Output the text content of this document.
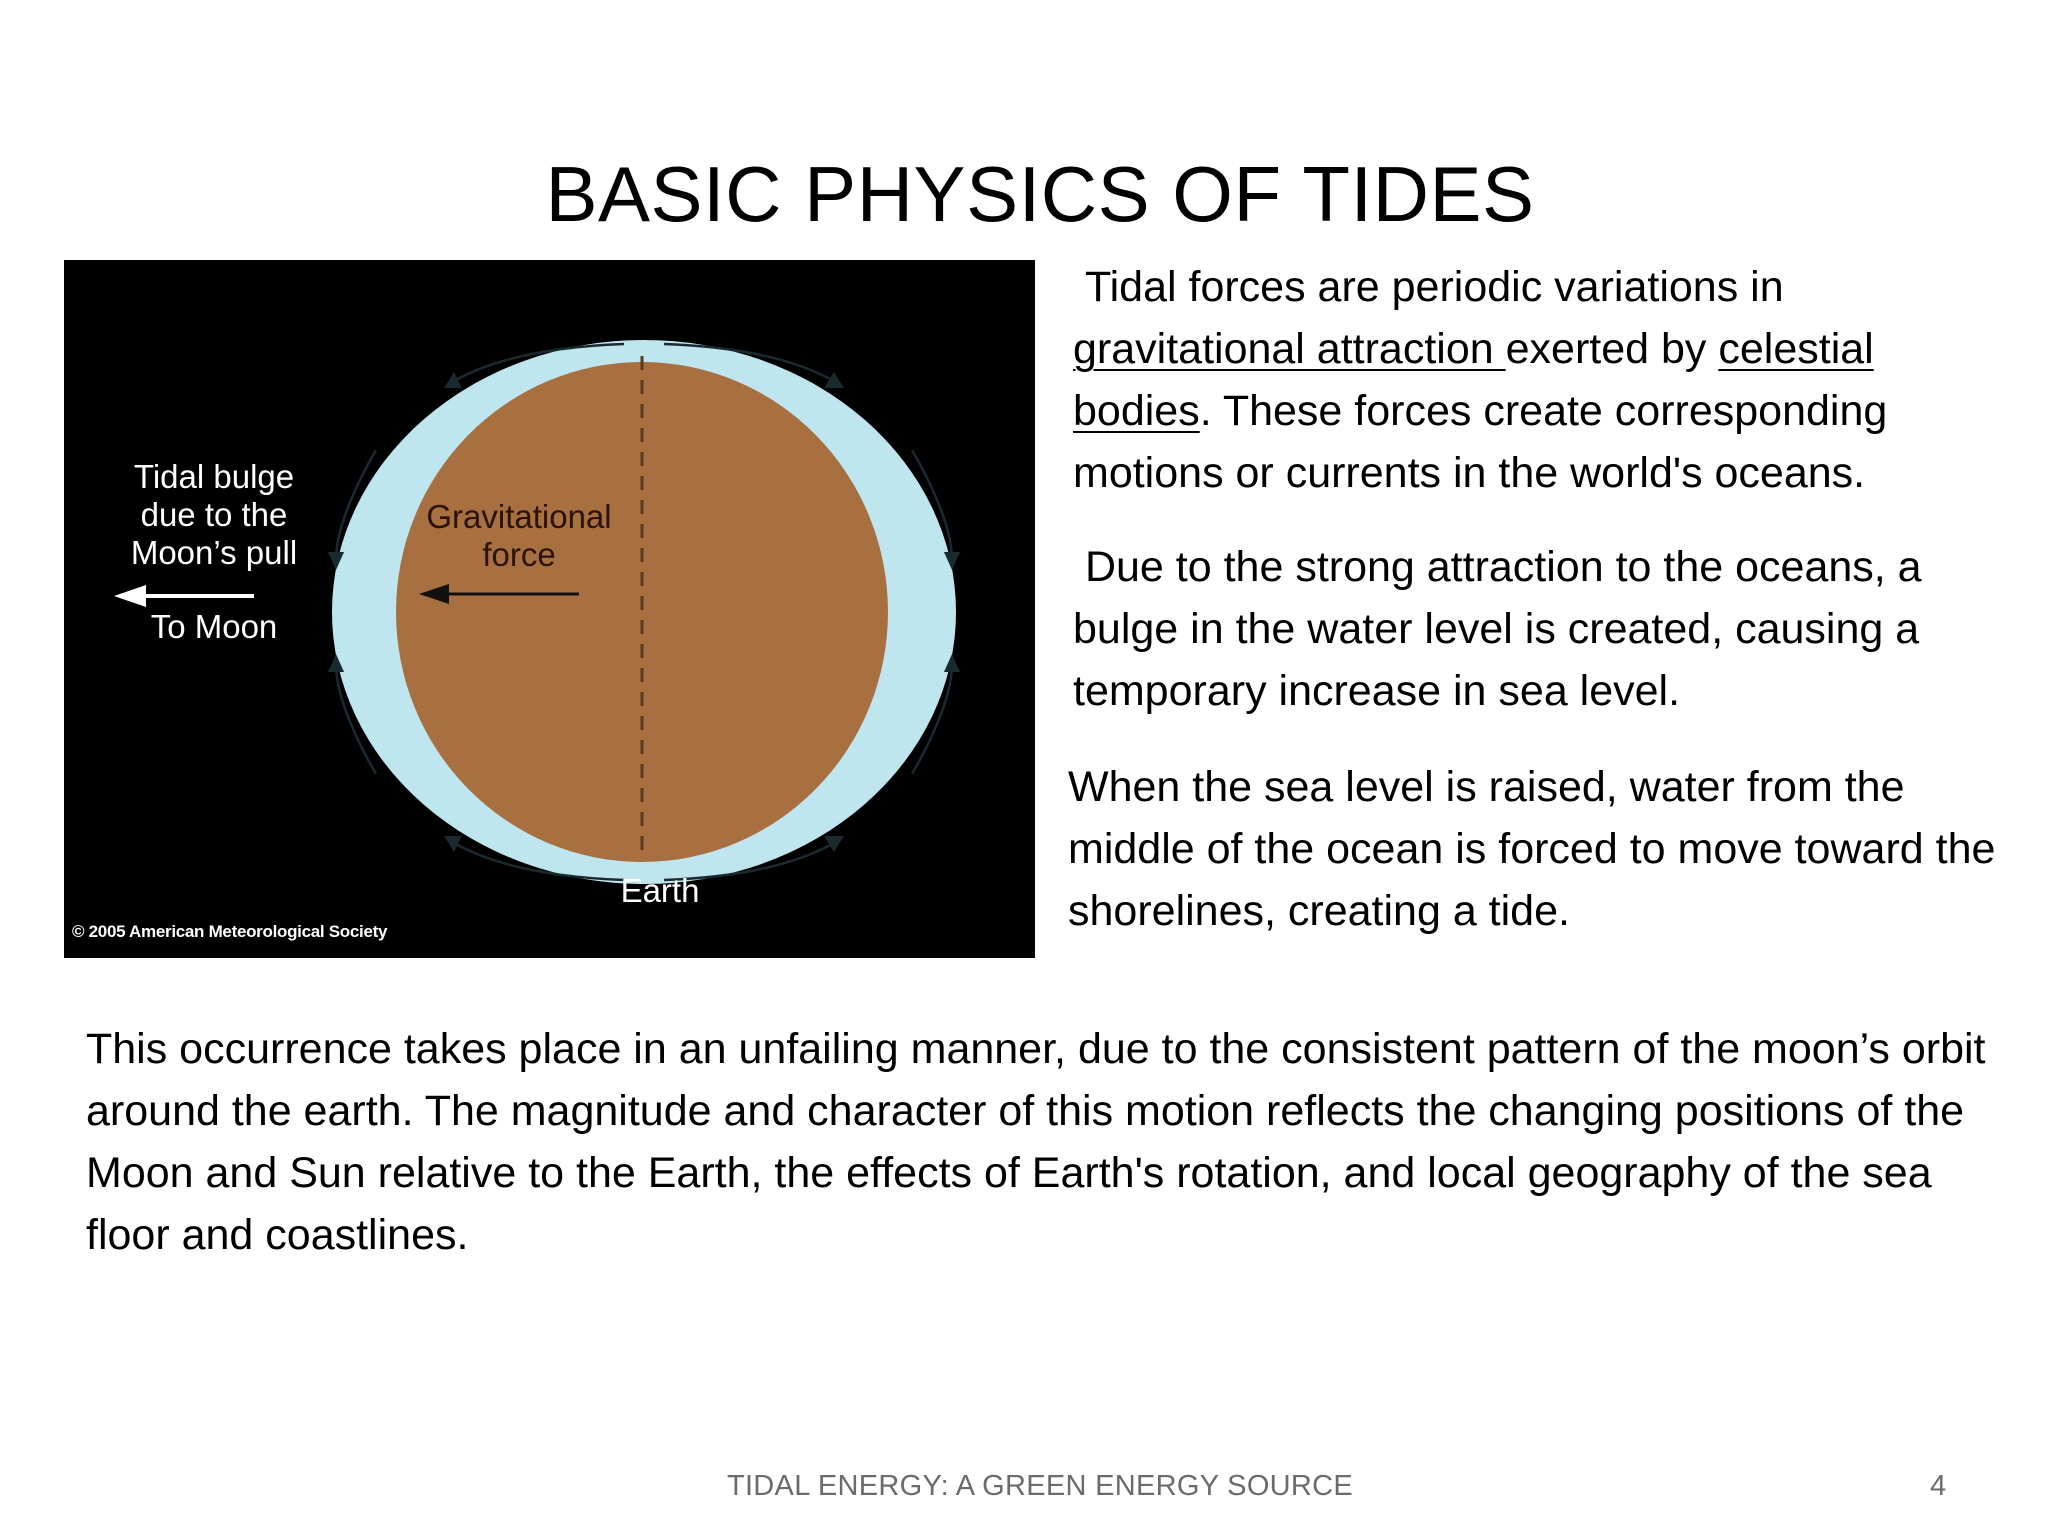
BASIC PHYSICS OF TIDES
Tidal bulge due to the Moon’s pull
To Moon
Gravitational force
Earth
© 2005 American Meteorological Society

Tidal forces are periodic variations in gravitational attraction exerted by celestial bodies. These forces create corresponding motions or currents in the world's oceans.

Due to the strong attraction to the oceans, a bulge in the water level is created, causing a temporary increase in sea level.

When the sea level is raised, water from the middle of the ocean is forced to move toward the shorelines, creating a tide.

This occurrence takes place in an unfailing manner, due to the consistent pattern of the moon’s orbit around the earth. The magnitude and character of this motion reflects the changing positions of the Moon and Sun relative to the Earth, the effects of Earth's rotation, and local geography of the sea floor and coastlines.

TIDAL ENERGY: A GREEN ENERGY SOURCE	4
